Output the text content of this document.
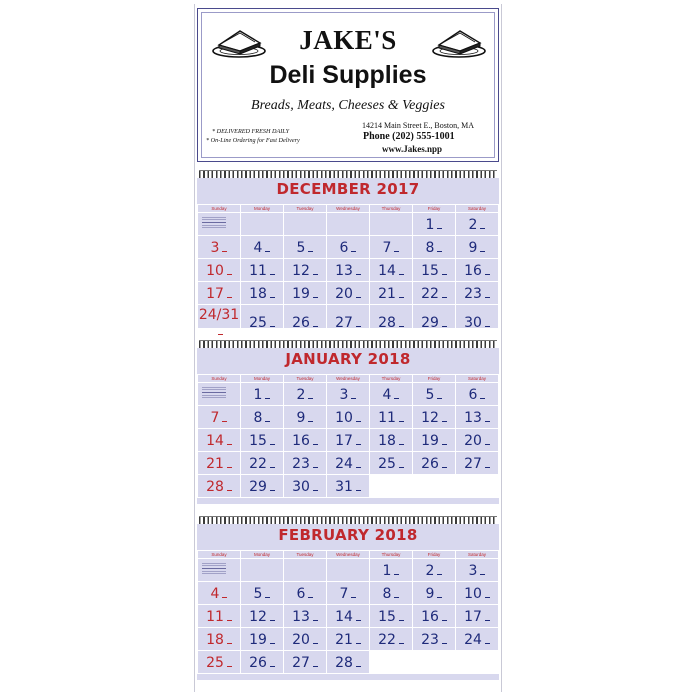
JAKE'S
Deli Supplies
Breads, Meats, Cheeses & Veggies
* DELIVERED FRESH DAILY
* On-Line Ordering for Fast Delivery
14214 Main Street E., Boston, MA
Phone (202) 555-1001
www.Jakes.npp
DECEMBER 2017
Sunday	Monday	Tuesday	Wednesday	Thursday	Friday	Saturday

					1	2

3	4	5	6	7	8	9

10	11	12	13	14	15	16

17	18	19	20	21	22	23

24/31	25	26	27	28	29	30
JANUARY 2018
Sunday	Monday	Tuesday	Wednesday	Thursday	Friday	Saturday

	1	2	3	4	5	6

7	8	9	10	11	12	13

14	15	16	17	18	19	20

21	22	23	24	25	26	27

28	29	30	31			

FEBRUARY 2018
Sunday	Monday	Tuesday	Wednesday	Thursday	Friday	Saturday

				1	2	3

4	5	6	7	8	9	10

11	12	13	14	15	16	17

18	19	20	21	22	23	24

25	26	27	28			
